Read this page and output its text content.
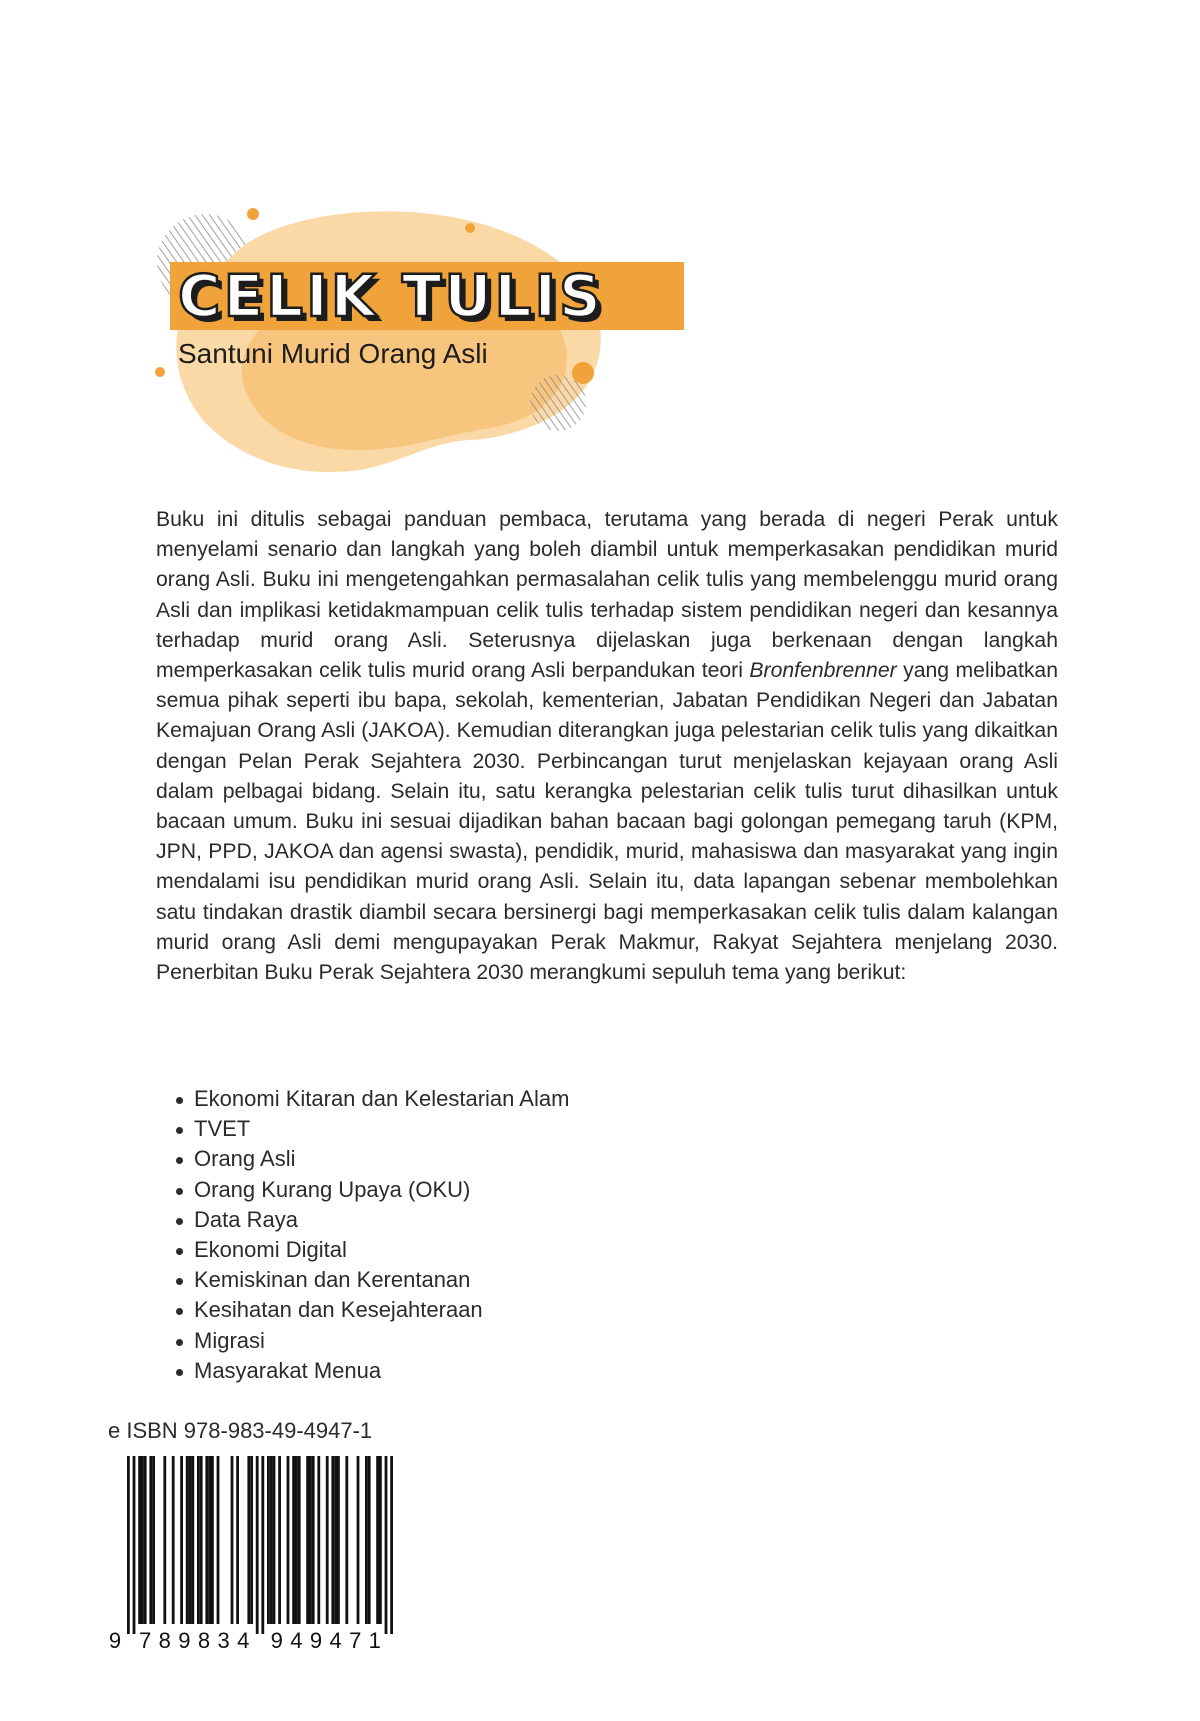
CELIK TULIS
Santuni Murid Orang Asli

Buku ini ditulis sebagai panduan pembaca, terutama yang berada di negeri Perak untuk menyelami senario dan langkah yang boleh diambil untuk memperkasakan pendidikan murid orang Asli. Buku ini mengetengahkan permasalahan celik tulis yang membelenggu murid orang Asli dan implikasi ketidakmampuan celik tulis terhadap sistem pendidikan negeri dan kesannya terhadap murid orang Asli. Seterusnya dijelaskan juga berkenaan dengan langkah memperkasakan celik tulis murid orang Asli berpandukan teori Bronfenbrenner yang melibatkan semua pihak seperti ibu bapa, sekolah, kementerian, Jabatan Pendidikan Negeri dan Jabatan Kemajuan Orang Asli (JAKOA). Kemudian diterangkan juga pelestarian celik tulis yang dikaitkan dengan Pelan Perak Sejahtera 2030. Perbincangan turut menjelaskan kejayaan orang Asli dalam pelbagai bidang. Selain itu, satu kerangka pelestarian celik tulis turut dihasilkan untuk bacaan umum. Buku ini sesuai dijadikan bahan bacaan bagi golongan pemegang taruh (KPM, JPN, PPD, JAKOA dan agensi swasta), pendidik, murid, mahasiswa dan masyarakat yang ingin mendalami isu pendidikan murid orang Asli. Selain itu, data lapangan sebenar membolehkan satu tindakan drastik diambil secara bersinergi bagi memperkasakan celik tulis dalam kalangan murid orang Asli demi mengupayakan Perak Makmur, Rakyat Sejahtera menjelang 2030. Penerbitan Buku Perak Sejahtera 2030 merangkumi sepuluh tema yang berikut:

Ekonomi Kitaran dan Kelestarian Alam
TVET
Orang Asli
Orang Kurang Upaya (OKU)
Data Raya
Ekonomi Digital
Kemiskinan dan Kerentanan
Kesihatan dan Kesejahteraan
Migrasi
Masyarakat Menua
e ISBN 978-983-49-4947-1
9 7 8 9 8 3 4 9 4 9 4 7 1
